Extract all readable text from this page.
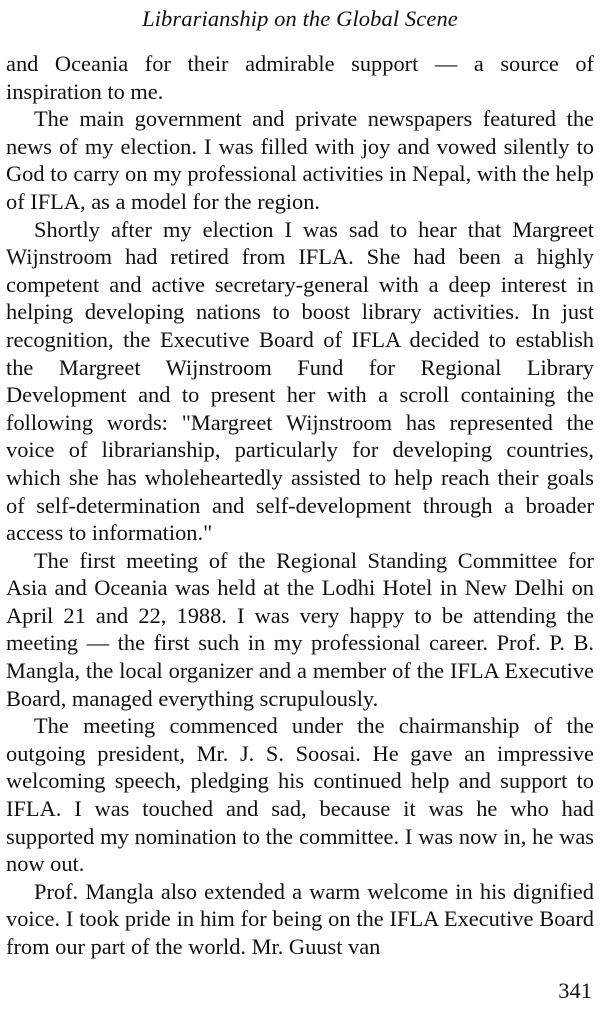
Librarianship on the Global Scene

and Oceania for their admirable support — a source of inspiration to me.

The main government and private newspapers featured the news of my election. I was filled with joy and vowed silently to God to carry on my professional activities in Nepal, with the help of IFLA, as a model for the region.

Shortly after my election I was sad to hear that Margreet Wijnstroom had retired from IFLA. She had been a highly competent and active secretary-general with a deep interest in helping developing nations to boost library activities. In just recognition, the Executive Board of IFLA decided to establish the Margreet Wijnstroom Fund for Regional Library Development and to present her with a scroll containing the following words: "Margreet Wijnstroom has represented the voice of librarianship, particularly for developing countries, which she has wholeheartedly assisted to help reach their goals of self-determination and self-development through a broader access to information."

The first meeting of the Regional Standing Committee for Asia and Oceania was held at the Lodhi Hotel in New Delhi on April 21 and 22, 1988. I was very happy to be attending the meeting — the first such in my professional career. Prof. P. B. Mangla, the local organizer and a member of the IFLA Executive Board, managed everything scrupulously.

The meeting commenced under the chairmanship of the outgoing president, Mr. J. S. Soosai. He gave an impressive welcoming speech, pledging his continued help and support to IFLA. I was touched and sad, because it was he who had supported my nomination to the committee. I was now in, he was now out.

Prof. Mangla also extended a warm welcome in his dignified voice. I took pride in him for being on the IFLA Executive Board from our part of the world. Mr. Guust van

341
